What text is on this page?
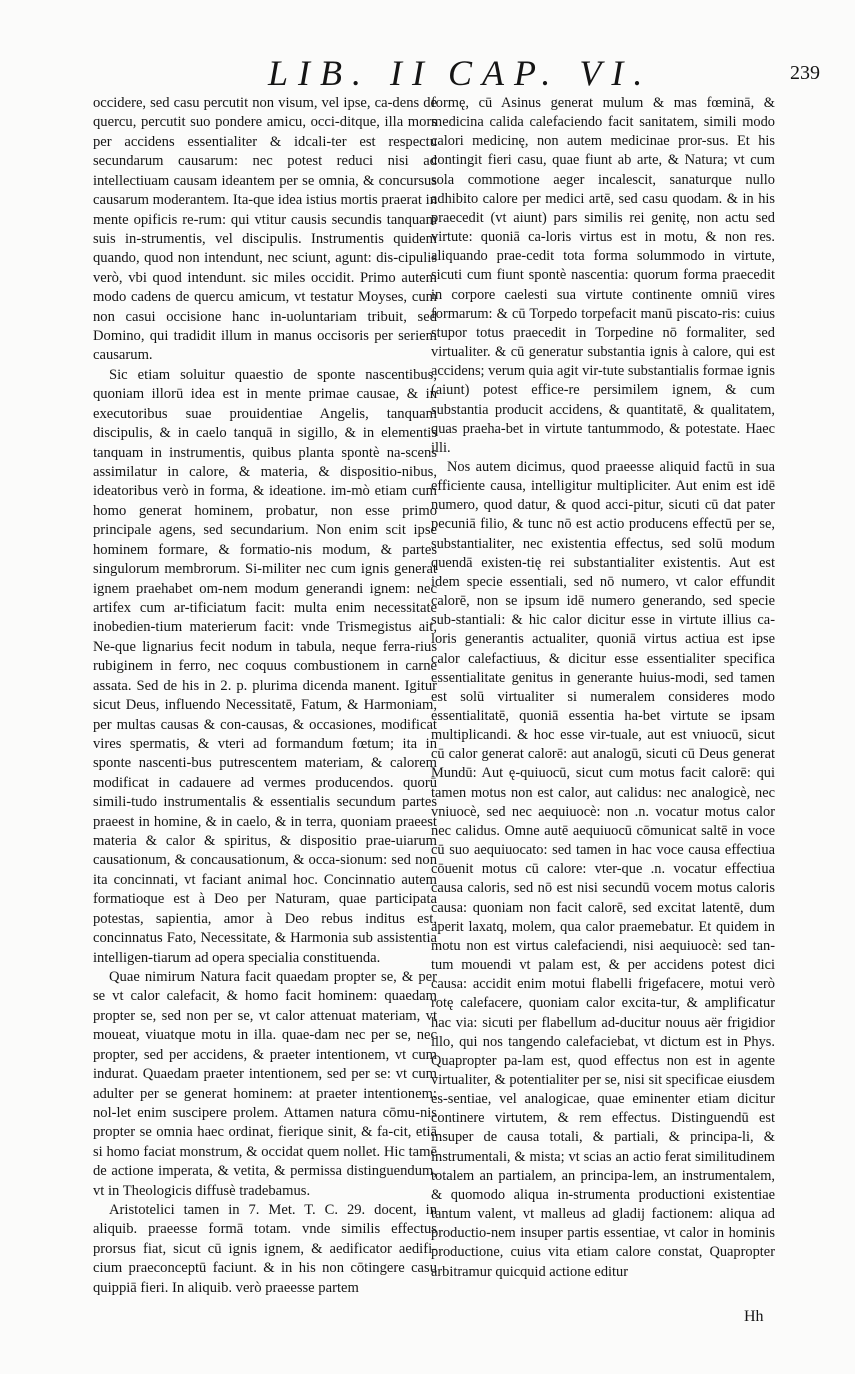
LIB. II CAP. VI.	239

occidere, sed casu percutit non visum, vel ipse, ca-dens de quercu, percutit suo pondere amicu, occi-ditque, illa mors per accidens essentialiter & idcali-ter est respectu secundarum causarum: nec potest reduci nisi ad intellectiuam causam ideantem per se omnia, & concursus causarum moderantem. Ita-que idea istius mortis praerat in mente opificis re-rum: qui vtitur causis secundis tanquam suis in-strumentis, vel discipulis. Instrumentis quidem quando, quod non intendunt, nec sciunt, agunt: dis-cipulis verò, vbi quod intendunt. sic miles occidit. Primo autem modo cadens de quercu amicum, vt testatur Moyses, cum non casui occisione hanc in-uoluntariam tribuit, sed Domino, qui tradidit illum in manus occisoris per seriem causarum.

Sic etiam soluitur quaestio de sponte nascentibus, quoniam illorū idea est in mente primae causae, & in executoribus suae prouidentiae Angelis, tanquam discipulis, & in caelo tanquā in sigillo, & in elementis tanquam in instrumentis, quibus planta spontè na-scens assimilatur in calore, & materia, & dispositio-nibus, ideatoribus verò in forma, & ideatione. im-mò etiam cum homo generat hominem, probatur, non esse primo principale agens, sed secundarium. Non enim scit ipse hominem formare, & formatio-nis modum, & partes singulorum membrorum. Si-militer nec cum ignis generat ignem praehabet om-nem modum generandi ignem: nec artifex cum ar-tificiatum facit: multa enim necessitate inobedien-tium materierum facit: vnde Trismegistus ait, Ne-que lignarius fecit nodum in tabula, neque ferra-rius rubiginem in ferro, nec coquus combustionem in carne assata. Sed de his in 2. p. plurima dicenda manent. Igitur sicut Deus, influendo Necessitatē, Fatum, & Harmoniam, per multas causas & con-causas, & occasiones, modificat vires spermatis, & vteri ad formandum fœtum; ita in sponte nascenti-bus putrescentem materiam, & calorem modificat in cadauere ad vermes producendos. quorū simili-tudo instrumentalis & essentialis secundum partes praeest in homine, & in caelo, & in terra, quoniam praeest materia & calor & spiritus, & dispositio prae-uiarum causationum, & concausationum, & occa-sionum: sed non ita concinnati, vt faciant animal hoc. Concinnatio autem formatioque est à Deo per Naturam, quae participata potestas, sapientia, amor à Deo rebus inditus est, concinnatus Fato, Necessitate, & Harmonia sub assistentia intelligen-tiarum ad opera specialia constituenda.

Quae nimirum Natura facit quaedam propter se, & per se vt calor calefacit, & homo facit hominem: quaedam propter se, sed non per se, vt calor attenuat materiam, vt moueat, viuatque motu in illa. quae-dam nec per se, nec propter, sed per accidens, & praeter intentionem, vt cum indurat. Quaedam praeter intentionem, sed per se: vt cum adulter per se generat hominem: at praeter intentionem: nol-let enim suscipere prolem. Attamen natura cōmu-nis propter se omnia haec ordinat, fierique sinit, & fa-cit, etiā si homo faciat monstrum, & occidat quem nollet. Hic tamē de actione imperata, & vetita, & permissa distinguendum, vt in Theologicis diffusè tradebamus.

Aristotelici tamen in 7. Met. T. C. 29. docent, in aliquib. praeesse formā totam. vnde similis effectus prorsus fiat, sicut cū ignis ignem, & aedificator aedifi-cium praeconceptū faciunt. & in his non cōtingere casu quippiā fieri. In aliquib. verò praeesse partem

formę, cū Asinus generat mulum & mas fœminā, & medicina calida calefaciendo facit sanitatem, simili modo calori medicinę, non autem medicinae pror-sus. Et his contingit fieri casu, quae fiunt ab arte, & Natura; vt cum sola commotione aeger incalescit, sanaturque nullo adhibito calore per medici artē, sed casu quodam. & in his praecedit (vt aiunt) pars similis rei genitę, non actu sed virtute: quoniā ca-loris virtus est in motu, & non res. aliquando prae-cedit tota forma solummodo in virtute, sicuti cum fiunt spontè nascentia: quorum forma praecedit in corpore caelesti sua virtute continente omniū vires formarum: & cū Torpedo torpefacit manū piscato-ris: cuius stupor totus praecedit in Torpedine nō formaliter, sed virtualiter. & cū generatur substantia ignis à calore, qui est accidens; verum quia agit vir-tute substantialis formae ignis (aiunt) potest effice-re persimilem ignem, & cum substantia producit accidens, & quantitatē, & qualitatem, quas praeha-bet in virtute tantummodo, & potestate. Haec illi.

Nos autem dicimus, quod praeesse aliquid factū in sua efficiente causa, intelligitur multipliciter. Aut enim est idē numero, quod datur, & quod acci-pitur, sicuti cū dat pater pecuniā filio, & tunc nō est actio producens effectū per se, substantialiter, nec existentia effectus, sed solū modum quendā existen-tię rei substantialiter existentis. Aut est idem specie essentiali, sed nō numero, vt calor effundit calorē, non se ipsum idē numero generando, sed specie sub-stantiali: & hic calor dicitur esse in virtute illius ca-loris generantis actualiter, quoniā virtus actiua est ipse calor calefactiuus, & dicitur esse essentialiter specifica essentialitate genitus in generante huius-modi, sed tamen est solū virtualiter si numeralem consideres modo essentialitatē, quoniā essentia ha-bet virtute se ipsam multiplicandi. & hoc esse vir-tuale, aut est vniuocū, sicut cū calor generat calorē: aut analogū, sicuti cū Deus generat Mundū: Aut ę-quiuocū, sicut cum motus facit calorē: qui tamen motus non est calor, aut calidus: nec analogicè, nec vniuocè, sed nec aequiuocè: non .n. vocatur motus calor nec calidus. Omne autē aequiuocū cōmunicat saltē in voce cū suo aequiuocato: sed tamen in hac voce causa effectiua cōuenit motus cū calore: vter-que .n. vocatur effectiua causa caloris, sed nō est nisi secundū vocem motus caloris causa: quoniam non facit calorē, sed excitat latentē, dum aperit laxatq, molem, qua calor praemebatur. Et quidem in motu non est virtus calefaciendi, nisi aequiuocè: sed tan-tum mouendi vt palam est, & per accidens potest dici causa: accidit enim motui flabelli frigefacere, motui verò rotę calefacere, quoniam calor excita-tur, & amplificatur hac via: sicuti per flabellum ad-ducitur nouus aër frigidior illo, qui nos tangendo calefaciebat, vt dictum est in Phys. Quapropter pa-lam est, quod effectus non est in agente virtualiter, & potentialiter per se, nisi sit specificae eiusdem es-sentiae, vel analogicae, quae eminenter etiam dicitur continere virtutem, & rem effectus. Distinguendū est insuper de causa totali, & partiali, & principa-li, & instrumentali, & mista; vt scias an actio ferat similitudinem totalem an partialem, an principa-lem, an instrumentalem, & quomodo aliqua in-strumenta productioni existentiae tantum valent, vt malleus ad gladij factionem: aliqua ad productio-nem insuper partis essentiae, vt calor in hominis productione, cuius vita etiam calore constat, Quapropter arbitramur quicquid actione editur

Hh
